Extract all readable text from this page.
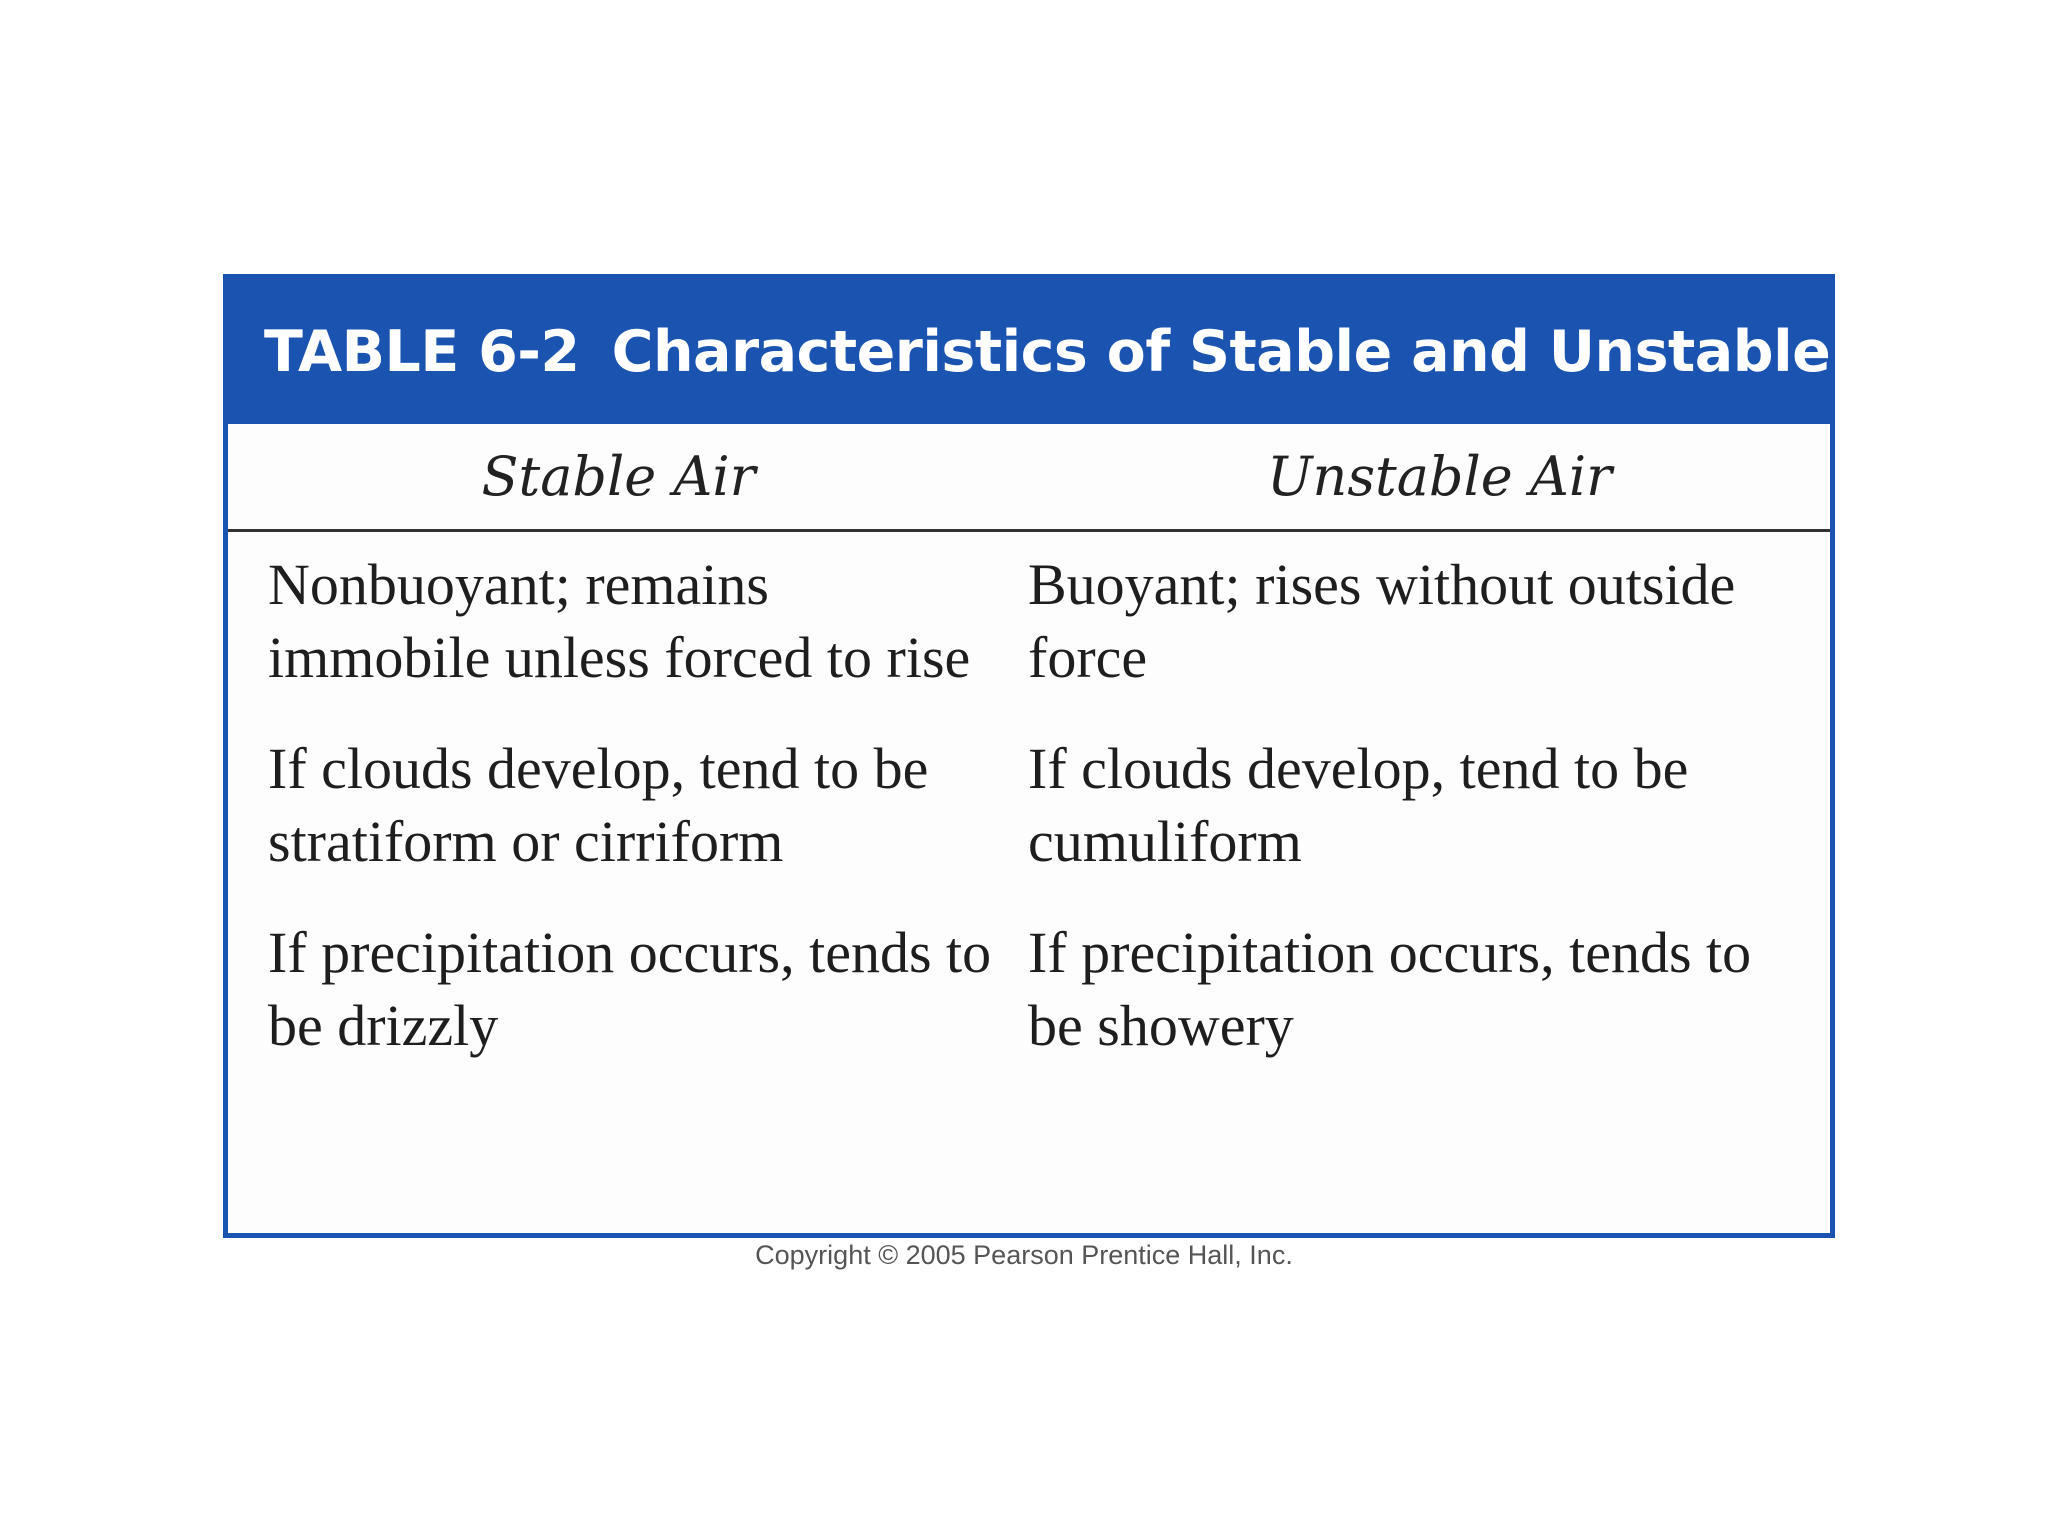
TABLE 6-2 Characteristics of Stable and Unstable Air
Stable Air	Unstable Air
Nonbuoyant; remains immobile unless forced to rise
Buoyant; rises without outside force
If clouds develop, tend to be stratiform or cirriform
If clouds develop, tend to be cumuliform
If precipitation occurs, tends to be drizzly
If precipitation occurs, tends to be showery
Copyright © 2005 Pearson Prentice Hall, Inc.
